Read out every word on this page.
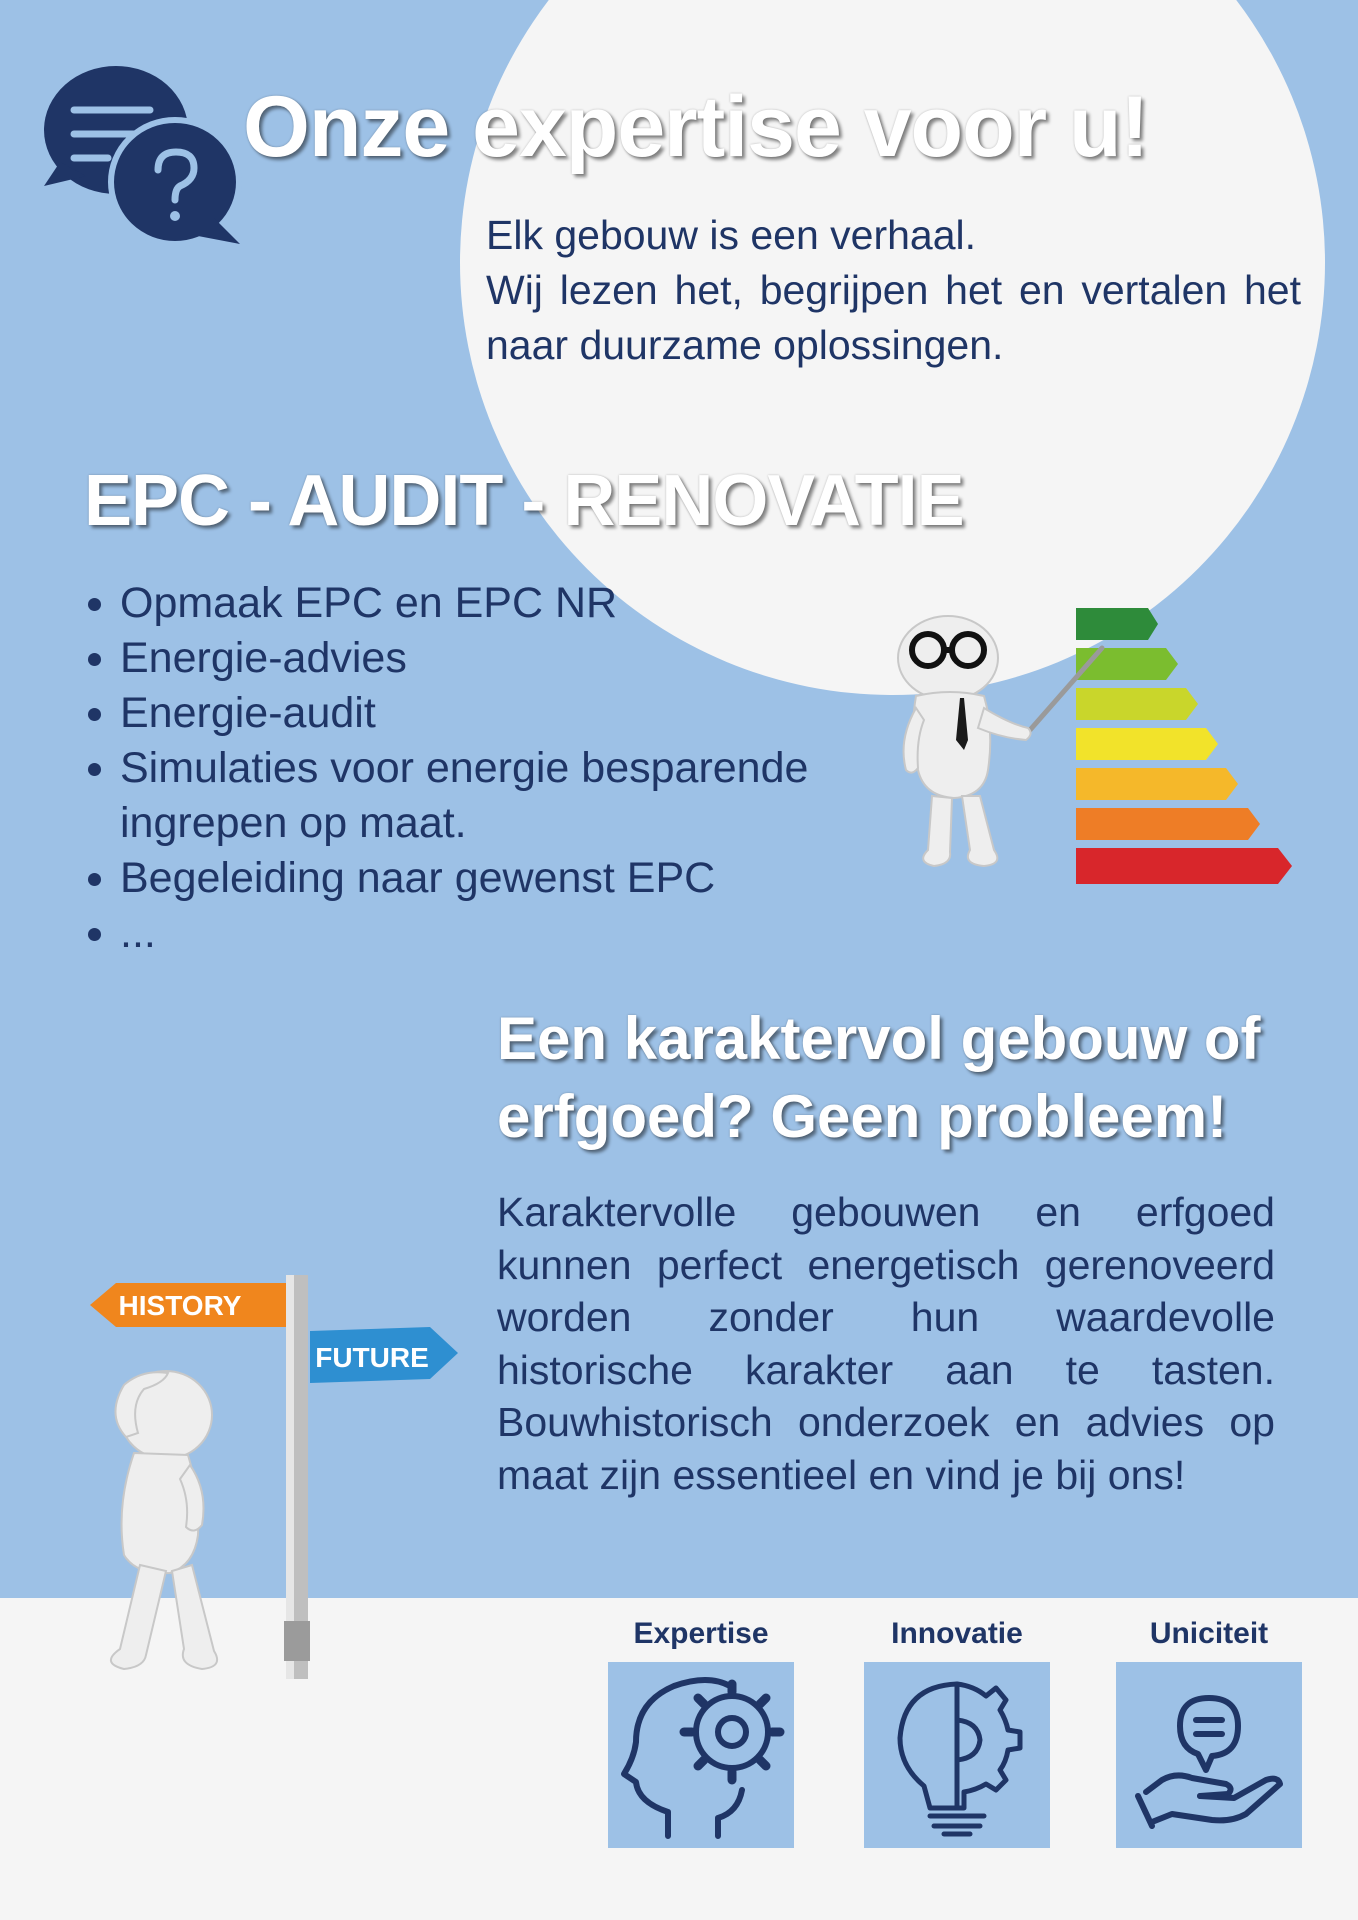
Onze expertise voor u!

Elk gebouw is een verhaal.
Wij lezen het, begrijpen het en vertalen het naar duurzame oplossingen.

EPC - AUDIT - RENOVATIE
• Opmaak EPC en EPC NR
• Energie-advies
• Energie-audit
• Simulaties voor energie besparende ingrepen op maat.
• Begeleiding naar gewenst EPC
• ...
Een karaktervol gebouw of erfgoed? Geen probleem!

Karaktervolle gebouwen en erfgoed kunnen perfect energetisch gerenoveerd worden zonder hun waardevolle historische karakter aan te tasten. Bouwhistorisch onderzoek en advies op maat zijn essentieel en vind je bij ons!

HISTORY
FUTURE
Expertise	Innovatie	Uniciteit
